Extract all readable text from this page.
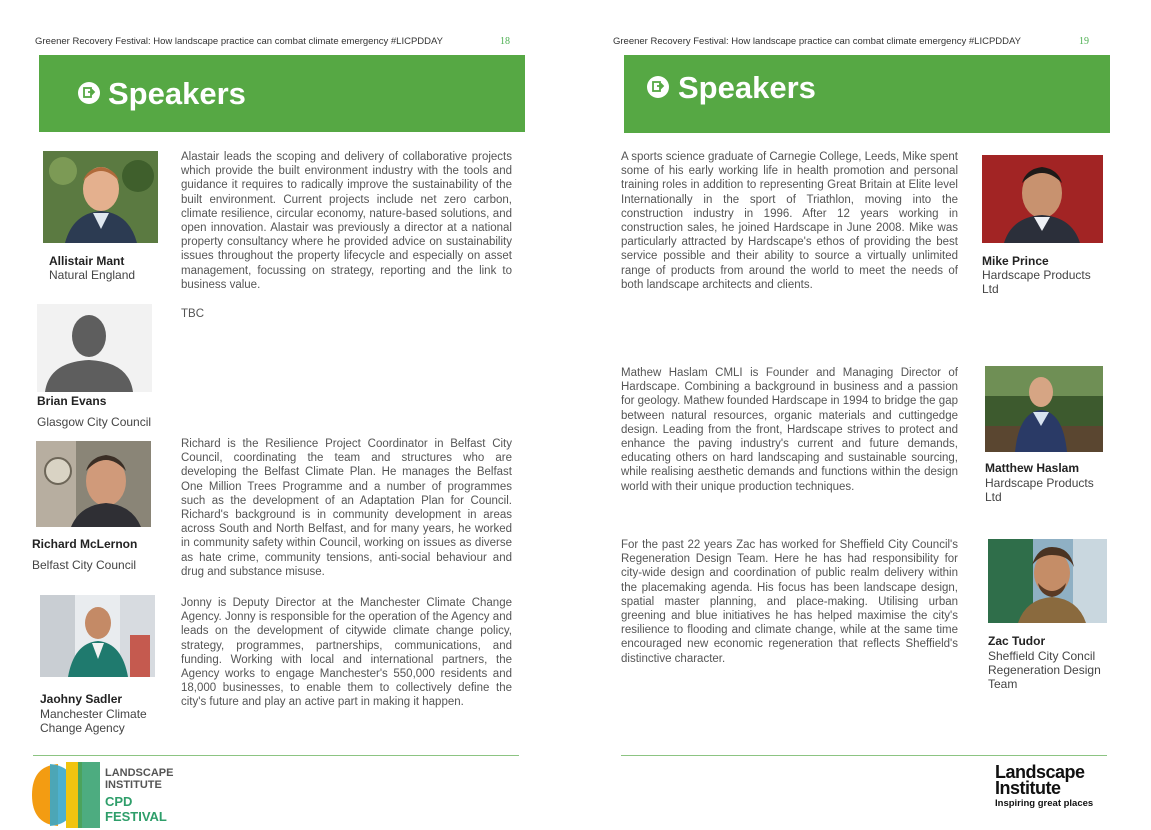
Greener Recovery Festival: How landscape practice can combat climate emergency #LICPDDAY	18
Speakers
Allistair Mant
Natural England
Alastair leads the scoping and delivery of collaborative projects which provide the built environment industry with the tools and guidance it requires to radically improve the sustainability of the built environment. Current projects include net zero carbon, climate resilience, circular economy, nature-based solutions, and open innovation. Alastair was previously a director at a national property consultancy where he provided advice on sustainability issues throughout the property lifecycle and especially on asset management, focussing on strategy, reporting and the link to business value.
Brian Evans
Glasgow City Council
TBC
Richard McLernon
Belfast City Council
Richard is the Resilience Project Coordinator in Belfast City Council, coordinating the team and structures who are developing the Belfast Climate Plan. He manages the Belfast One Million Trees Programme and a number of programmes such as the development of an Adaptation Plan for Council. Richard's background is in community development in areas across South and North Belfast, and for many years, he worked in community safety within Council, working on issues as diverse as hate crime, community tensions, anti-social behaviour and drug and substance misuse.
Jaohny Sadler
Manchester Climate Change Agency
Jonny is Deputy Director at the Manchester Climate Change Agency. Jonny is responsible for the operation of the Agency and leads on the development of citywide climate change policy, strategy, programmes, partnerships, communications, and funding. Working with local and international partners, the Agency works to engage Manchester's 550,000 residents and 18,000 businesses, to enable them to collectively define the city's future and play an active part in making it happen.
LANDSCAPE
INSTITUTE
CPD
FESTIVAL
Greener Recovery Festival: How landscape practice can combat climate emergency #LICPDDAY	19
Speakers
A sports science graduate of Carnegie College, Leeds, Mike spent some of his early working life in health promotion and personal training roles in addition to representing Great Britain at Elite level Internationally in the sport of Triathlon, moving into the construction industry in 1996. After 12 years working in construction sales, he joined Hardscape in June 2008. Mike was particularly attracted by Hardscape's ethos of providing the best service possible and their ability to source a virtually unlimited range of products from around the world to meet the needs of both landscape architects and clients.
Mike Prince
Hardscape Products Ltd
Mathew Haslam CMLI is Founder and Managing Director of Hardscape. Combining a background in business and a passion for geology. Mathew founded Hardscape in 1994 to bridge the gap between natural resources, organic materials and cuttingedge design. Leading from the front, Hardscape strives to protect and enhance the paving industry's current and future demands, educating others on hard landscaping and sustainable sourcing, while realising aesthetic demands and functions within the design world with their unique production techniques.
Matthew Haslam
Hardscape Products Ltd
For the past 22 years Zac has worked for Sheffield City Council's Regeneration Design Team. Here he has had responsibility for city-wide design and coordination of public realm delivery within the placemaking agenda. His focus has been landscape design, spatial master planning, and place-making. Utilising urban greening and blue initiatives he has helped maximise the city's resilience to flooding and climate change, while at the same time encouraged new economic regeneration that reflects Sheffield's distinctive character.
Zac Tudor
Sheffield City Concil Regeneration Design Team
Landscape
Institute
Inspiring great places
